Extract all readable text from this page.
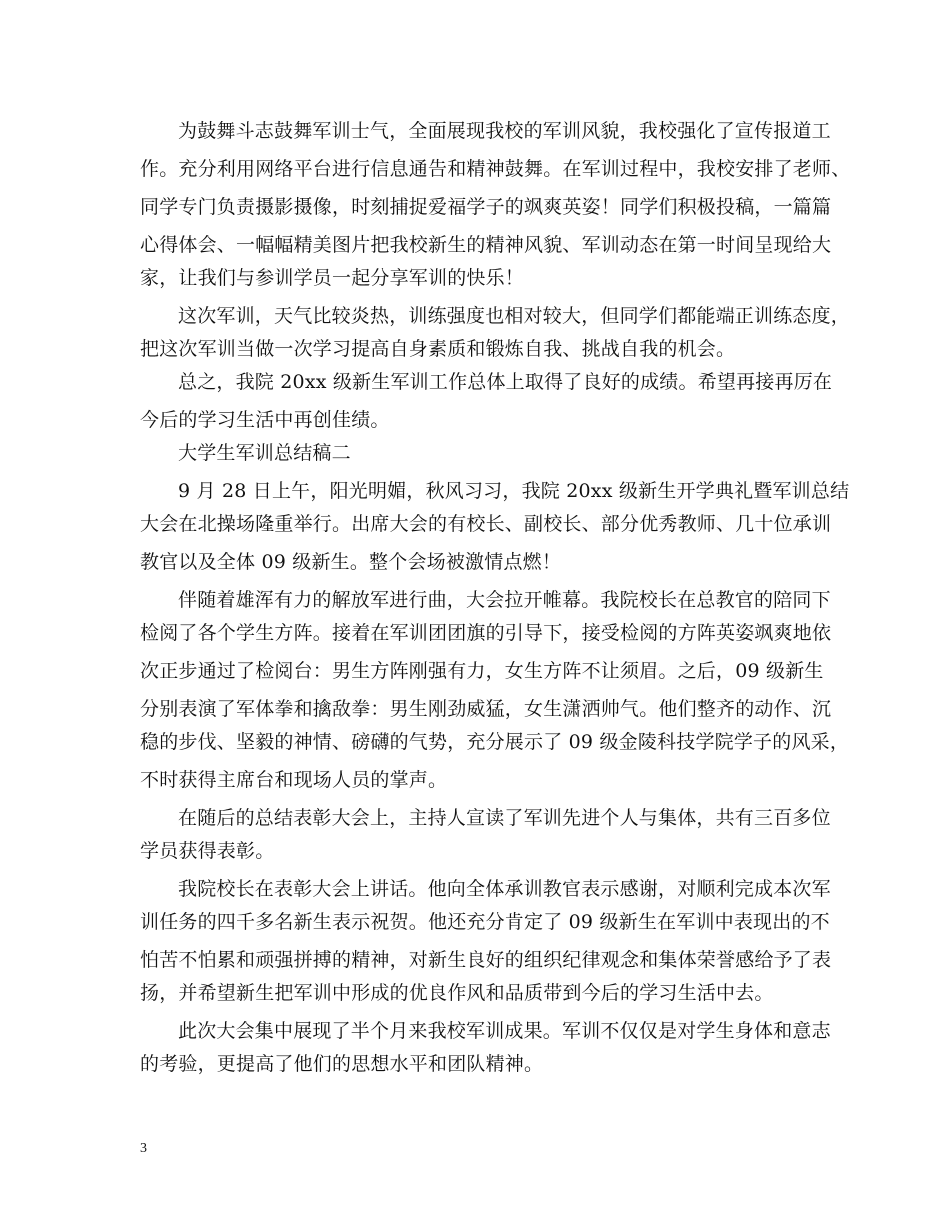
为鼓舞斗志鼓舞军训士气，全面展现我校的军训风貌，我校强化了宣传报道工
作。充分利用网络平台进行信息通告和精神鼓舞。在军训过程中，我校安排了老师、
同学专门负责摄影摄像，时刻捕捉爱福学子的飒爽英姿！同学们积极投稿，一篇篇
心得体会、一幅幅精美图片把我校新生的精神风貌、军训动态在第一时间呈现给大
家，让我们与参训学员一起分享军训的快乐！
这次军训，天气比较炎热，训练强度也相对较大，但同学们都能端正训练态度，
把这次军训当做一次学习提高自身素质和锻炼自我、挑战自我的机会。
总之，我院 20xx 级新生军训工作总体上取得了良好的成绩。希望再接再厉在
今后的学习生活中再创佳绩。
大学生军训总结稿二
9 月 28 日上午，阳光明媚，秋风习习，我院 20xx 级新生开学典礼暨军训总结
大会在北操场隆重举行。出席大会的有校长、副校长、部分优秀教师、几十位承训
教官以及全体 09 级新生。整个会场被激情点燃！
伴随着雄浑有力的解放军进行曲，大会拉开帷幕。我院校长在总教官的陪同下
检阅了各个学生方阵。接着在军训团团旗的引导下，接受检阅的方阵英姿飒爽地依
次正步通过了检阅台：男生方阵刚强有力，女生方阵不让须眉。之后，09 级新生
分别表演了军体拳和擒敌拳：男生刚劲威猛，女生潇洒帅气。他们整齐的动作、沉
稳的步伐、坚毅的神情、磅礴的气势，充分展示了 09 级金陵科技学院学子的风采，
不时获得主席台和现场人员的掌声。
在随后的总结表彰大会上，主持人宣读了军训先进个人与集体，共有三百多位
学员获得表彰。
我院校长在表彰大会上讲话。他向全体承训教官表示感谢，对顺利完成本次军
训任务的四千多名新生表示祝贺。他还充分肯定了 09 级新生在军训中表现出的不
怕苦不怕累和顽强拼搏的精神，对新生良好的组织纪律观念和集体荣誉感给予了表
扬，并希望新生把军训中形成的优良作风和品质带到今后的学习生活中去。
此次大会集中展现了半个月来我校军训成果。军训不仅仅是对学生身体和意志
的考验，更提高了他们的思想水平和团队精神。
3
